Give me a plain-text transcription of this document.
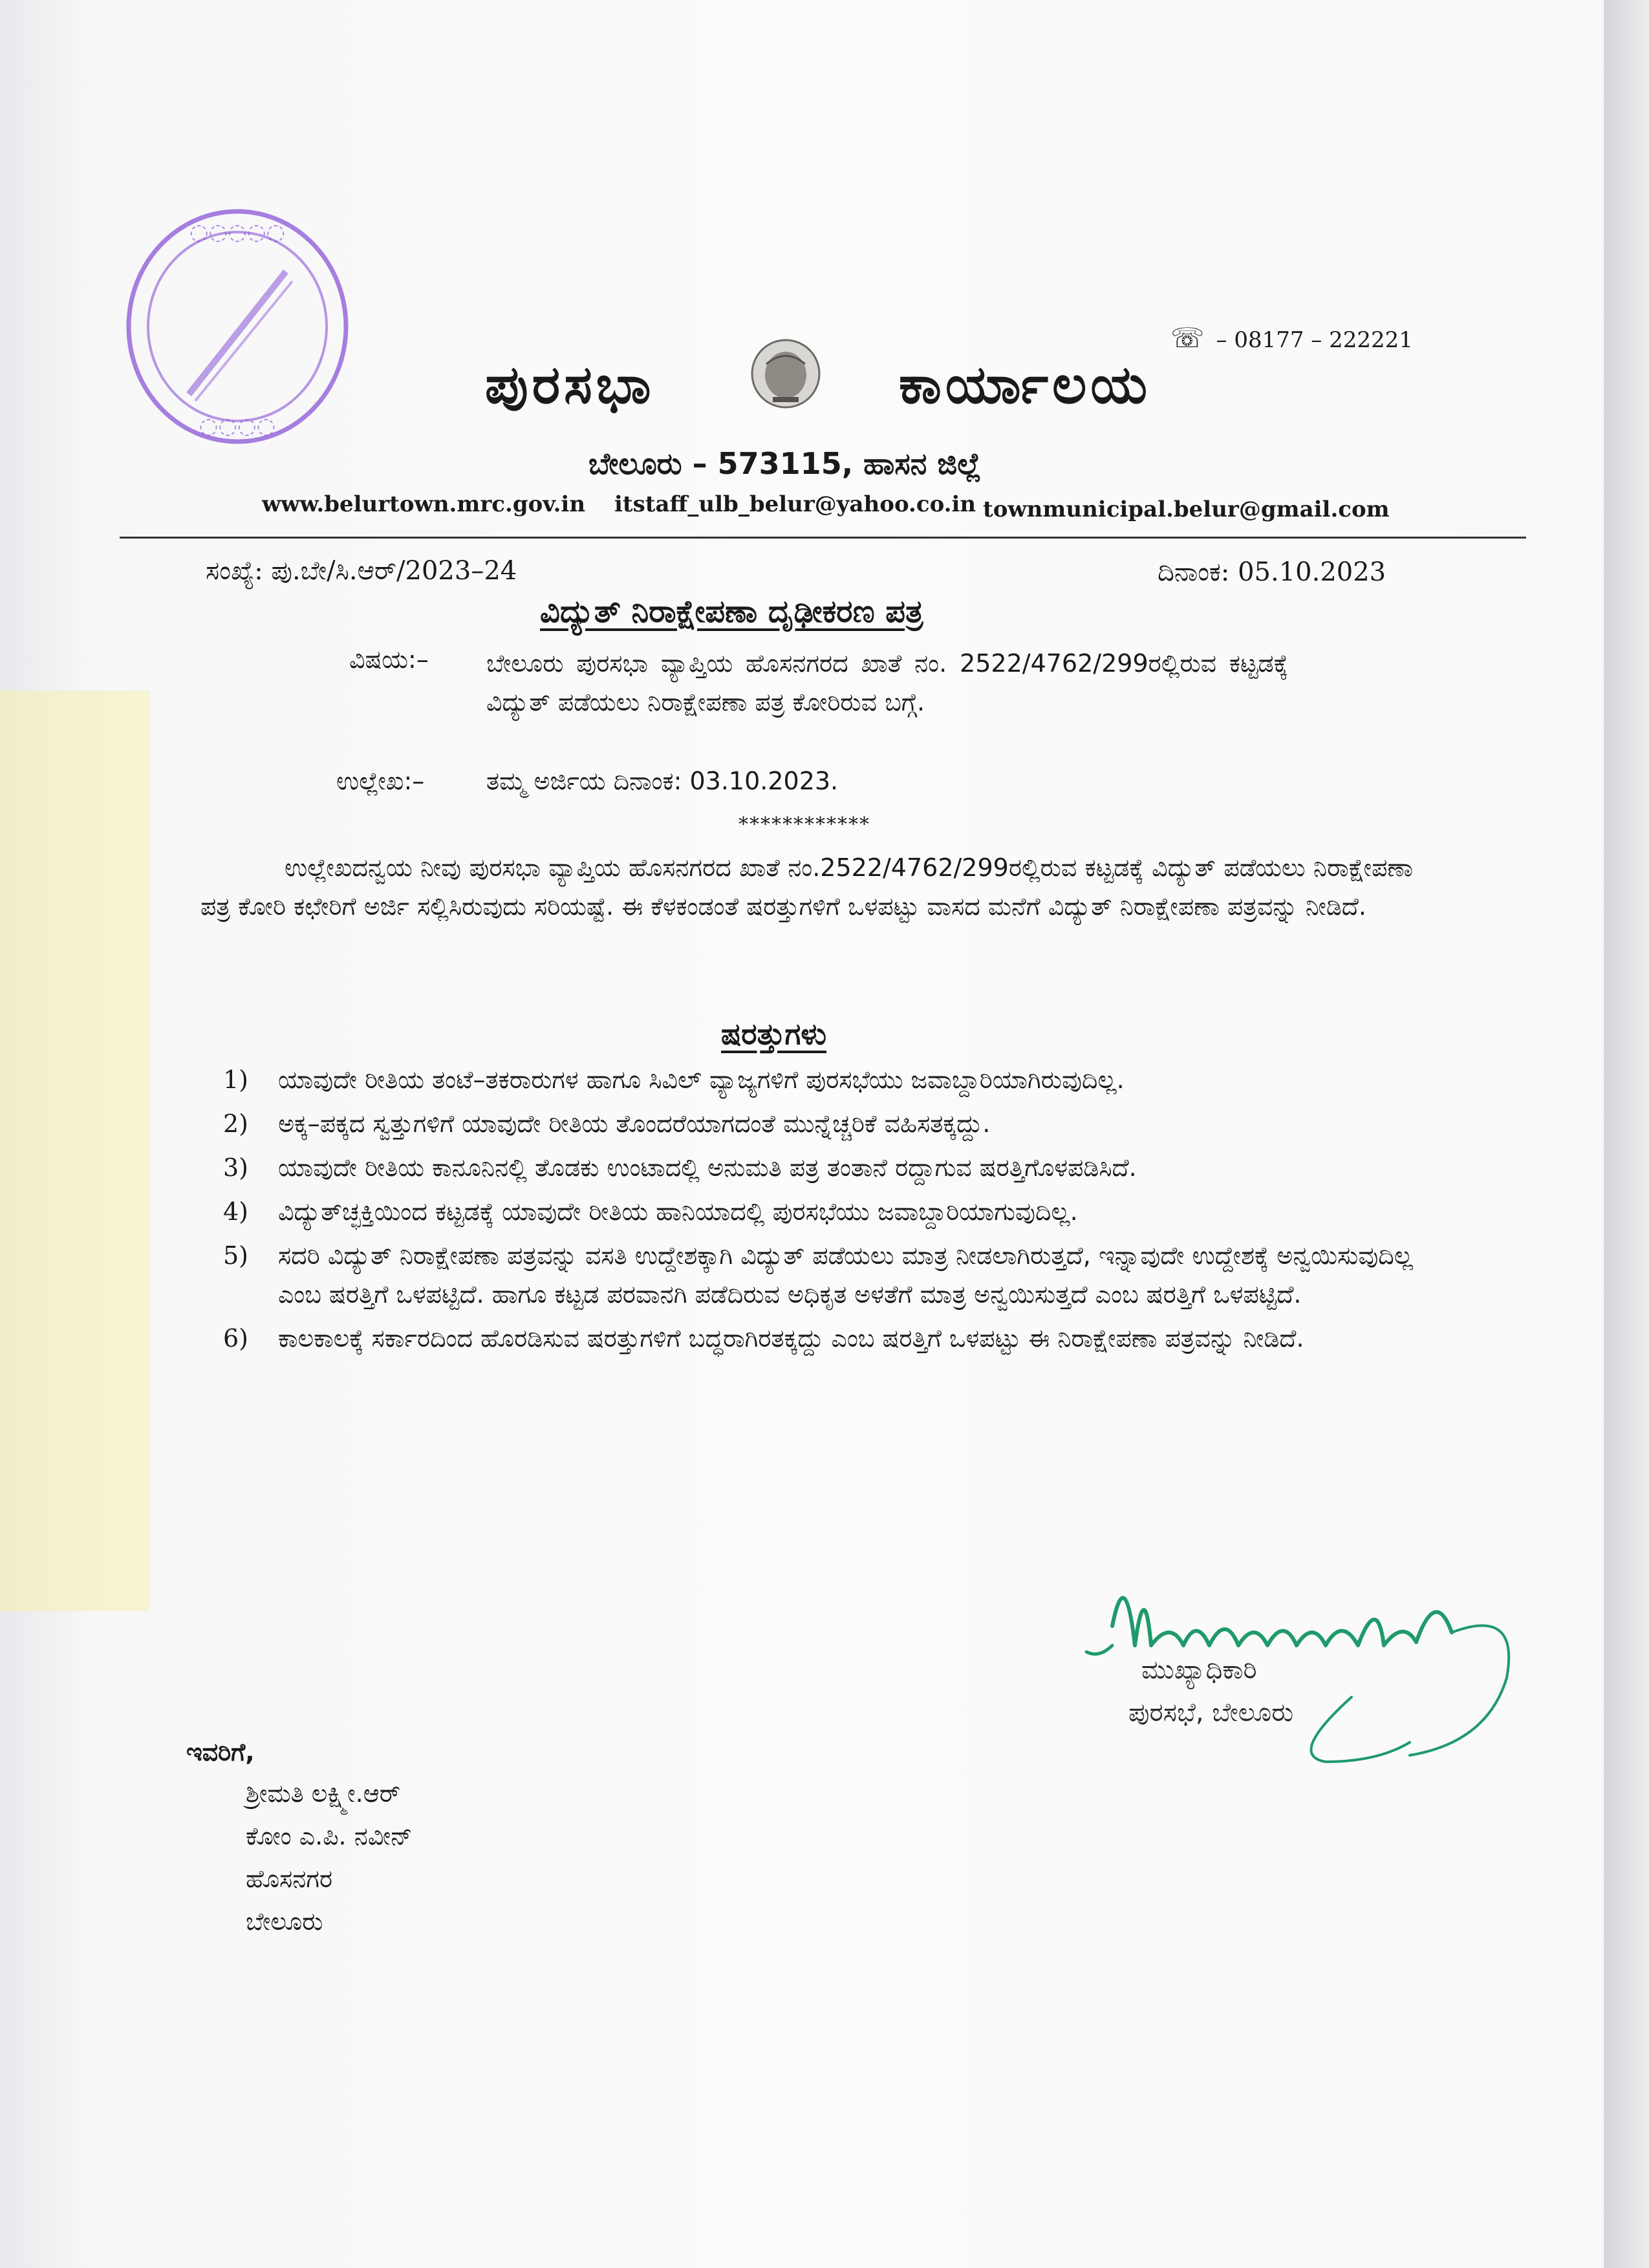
◌◌◌◌◌
◌◌◌◌
☏ – 08177 – 222221
ಪುರಸಭಾ	ಕಾರ್ಯಾಲಯ
ಬೇಲೂರು – 573115, ಹಾಸನ ಜಿಲ್ಲೆ
www.belurtown.mrc.gov.in itstaff_ulb_belur@yahoo.co.in townmunicipal.belur@gmail.com
ಸಂಖ್ಯೆ: ಪು.ಬೇ/ಸಿ.ಆರ್/2023–24	ದಿನಾಂಕ: 05.10.2023
ವಿದ್ಯುತ್ ನಿರಾಕ್ಷೇಪಣಾ ದೃಢೀಕರಣ ಪತ್ರ
ವಿಷಯ:– ಬೇಲೂರು ಪುರಸಭಾ ವ್ಯಾಪ್ತಿಯ ಹೊಸನಗರದ ಖಾತೆ ನಂ. 2522/4762/299ರಲ್ಲಿರುವ ಕಟ್ಟಡಕ್ಕೆ ವಿದ್ಯುತ್ ಪಡೆಯಲು ನಿರಾಕ್ಷೇಪಣಾ ಪತ್ರ ಕೋರಿರುವ ಬಗ್ಗೆ.
ಉಲ್ಲೇಖ:–	ತಮ್ಮ ಅರ್ಜಿಯ ದಿನಾಂಕ: 03.10.2023.
************
ಉಲ್ಲೇಖದನ್ವಯ ನೀವು ಪುರಸಭಾ ವ್ಯಾಪ್ತಿಯ ಹೊಸನಗರದ ಖಾತೆ ನಂ.2522/4762/299ರಲ್ಲಿರುವ ಕಟ್ಟಡಕ್ಕೆ ವಿದ್ಯುತ್ ಪಡೆಯಲು ನಿರಾಕ್ಷೇಪಣಾ ಪತ್ರ ಕೋರಿ ಕಛೇರಿಗೆ ಅರ್ಜಿ ಸಲ್ಲಿಸಿರುವುದು ಸರಿಯಷ್ಟೆ. ಈ ಕೆಳಕಂಡಂತೆ ಷರತ್ತುಗಳಿಗೆ ಒಳಪಟ್ಟು ವಾಸದ ಮನೆಗೆ ವಿದ್ಯುತ್ ನಿರಾಕ್ಷೇಪಣಾ ಪತ್ರವನ್ನು ನೀಡಿದೆ.
ಷರತ್ತುಗಳು
1)	ಯಾವುದೇ ರೀತಿಯ ತಂಟೆ–ತಕರಾರುಗಳ ಹಾಗೂ ಸಿವಿಲ್ ವ್ಯಾಜ್ಯಗಳಿಗೆ ಪುರಸಭೆಯು ಜವಾಬ್ದಾರಿಯಾಗಿರುವುದಿಲ್ಲ.
2)	ಅಕ್ಕ–ಪಕ್ಕದ ಸ್ವತ್ತುಗಳಿಗೆ ಯಾವುದೇ ರೀತಿಯ ತೊಂದರೆಯಾಗದಂತೆ ಮುನ್ನೆಚ್ಚರಿಕೆ ವಹಿಸತಕ್ಕದ್ದು.
3)	ಯಾವುದೇ ರೀತಿಯ ಕಾನೂನಿನಲ್ಲಿ ತೊಡಕು ಉಂಟಾದಲ್ಲಿ ಅನುಮತಿ ಪತ್ರ ತಂತಾನೆ ರದ್ದಾಗುವ ಷರತ್ತಿಗೊಳಪಡಿಸಿದೆ.
4)	ವಿದ್ಯುತ್‌ಚ್ಛಕ್ತಿಯಿಂದ ಕಟ್ಟಡಕ್ಕೆ ಯಾವುದೇ ರೀತಿಯ ಹಾನಿಯಾದಲ್ಲಿ ಪುರಸಭೆಯು ಜವಾಬ್ದಾರಿಯಾಗುವುದಿಲ್ಲ.
5)	ಸದರಿ ವಿದ್ಯುತ್ ನಿರಾಕ್ಷೇಪಣಾ ಪತ್ರವನ್ನು ವಸತಿ ಉದ್ದೇಶಕ್ಕಾಗಿ ವಿದ್ಯುತ್ ಪಡೆಯಲು ಮಾತ್ರ ನೀಡಲಾಗಿರುತ್ತದೆ, ಇನ್ನಾವುದೇ ಉದ್ದೇಶಕ್ಕೆ ಅನ್ವಯಿಸುವುದಿಲ್ಲ ಎಂಬ ಷರತ್ತಿಗೆ ಒಳಪಟ್ಟಿದೆ. ಹಾಗೂ ಕಟ್ಟಡ ಪರವಾನಗಿ ಪಡೆದಿರುವ ಅಧಿಕೃತ ಅಳತೆಗೆ ಮಾತ್ರ ಅನ್ವಯಿಸುತ್ತದೆ ಎಂಬ ಷರತ್ತಿಗೆ ಒಳಪಟ್ಟಿದೆ.
6)	ಕಾಲಕಾಲಕ್ಕೆ ಸರ್ಕಾರದಿಂದ ಹೊರಡಿಸುವ ಷರತ್ತುಗಳಿಗೆ ಬದ್ಧರಾಗಿರತಕ್ಕದ್ದು ಎಂಬ ಷರತ್ತಿಗೆ ಒಳಪಟ್ಟು ಈ ನಿರಾಕ್ಷೇಪಣಾ ಪತ್ರವನ್ನು ನೀಡಿದೆ.
ಮುಖ್ಯಾಧಿಕಾರಿ
ಪುರಸಭೆ, ಬೇಲೂರು
ಇವರಿಗೆ,
ಶ್ರೀಮತಿ ಲಕ್ಷ್ಮೀ.ಆರ್
ಕೋಂ ಎ.ಪಿ. ನವೀನ್
ಹೊಸನಗರ
ಬೇಲೂರು
